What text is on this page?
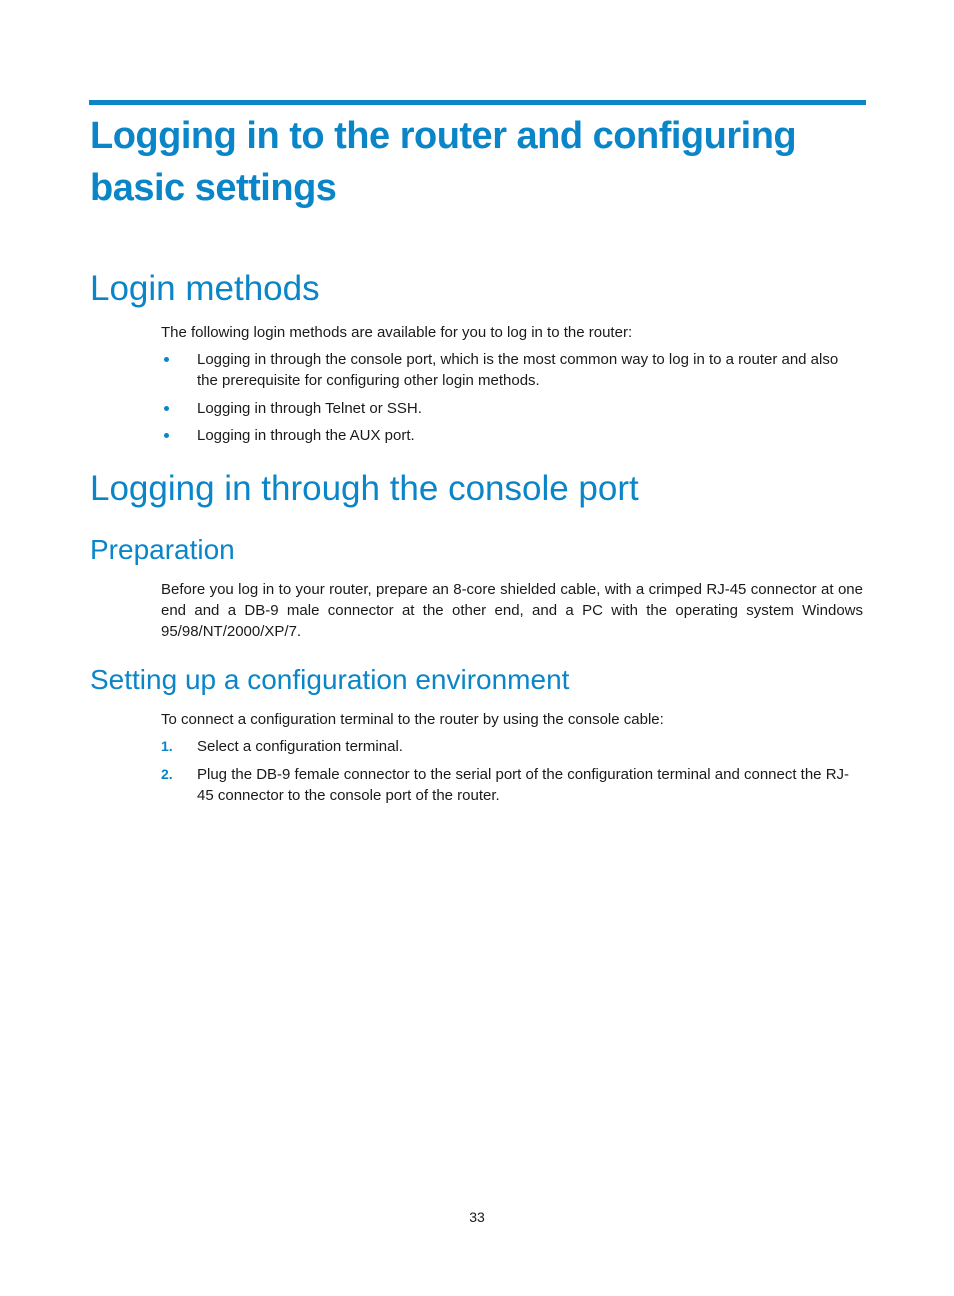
Logging in to the router and configuring basic settings
Login methods

The following login methods are available for you to log in to the router:

Logging in through the console port, which is the most common way to log in to a router and also the prerequisite for configuring other login methods.

Logging in through Telnet or SSH.

Logging in through the AUX port.

Logging in through the console port
Preparation

Before you log in to your router, prepare an 8-core shielded cable, with a crimped RJ-45 connector at one end and a DB-9 male connector at the other end, and a PC with the operating system Windows 95/98/NT/2000/XP/7.

Setting up a configuration environment

To connect a configuration terminal to the router by using the console cable:

1.	Select a configuration terminal.

2.	Plug the DB-9 female connector to the serial port of the configuration terminal and connect the RJ-45 connector to the console port of the router.

33
